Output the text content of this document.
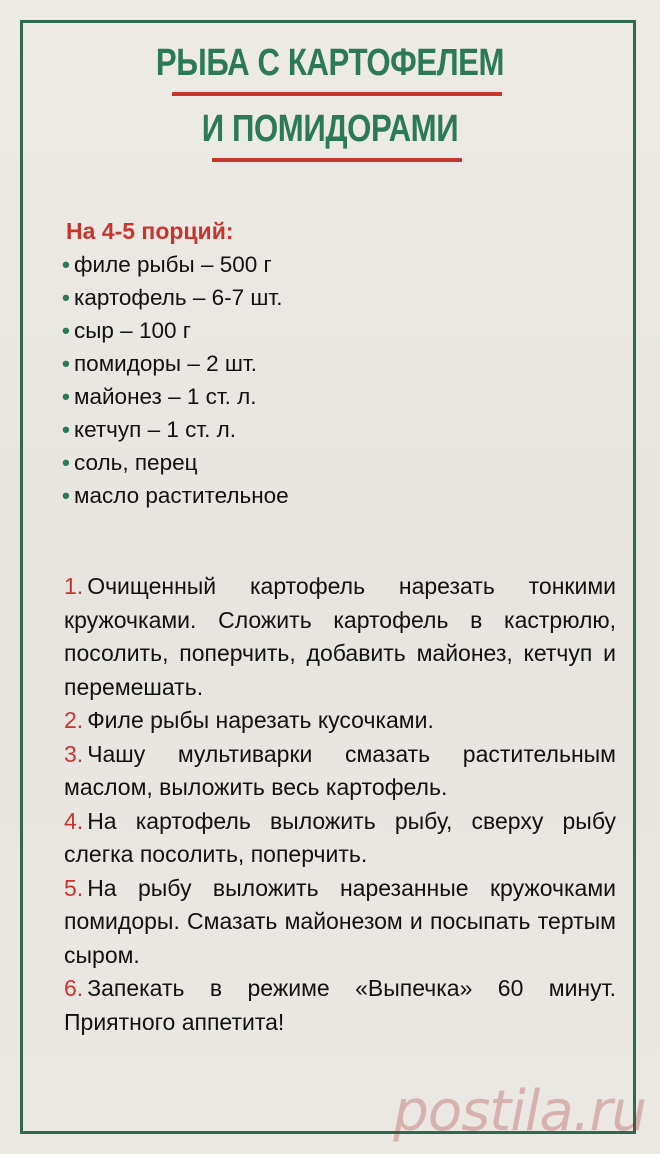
РЫБА С КАРТОФЕЛЕМ
И ПОМИДОРАМИ
На 4-5 порций:
• филе рыбы – 500 г
• картофель – 6-7 шт.
• сыр – 100 г
• помидоры – 2 шт.
• майонез – 1 ст. л.
• кетчуп – 1 ст. л.
• соль, перец
• масло растительное

1. Очищенный картофель нарезать тонкими кружочками. Сложить картофель в кастрюлю, посолить, поперчить, добавить майонез, кетчуп и перемешать.

2. Филе рыбы нарезать кусочками.

3. Чашу мультиварки смазать растительным маслом, выложить весь картофель.

4. На картофель выложить рыбу, сверху рыбу слегка посолить, поперчить.

5. На рыбу выложить нарезанные кружочками помидоры. Смазать майонезом и посыпать тертым сыром.

6. Запекать в режиме «Выпечка» 60 минут. Приятного аппетита!

postila.ru
